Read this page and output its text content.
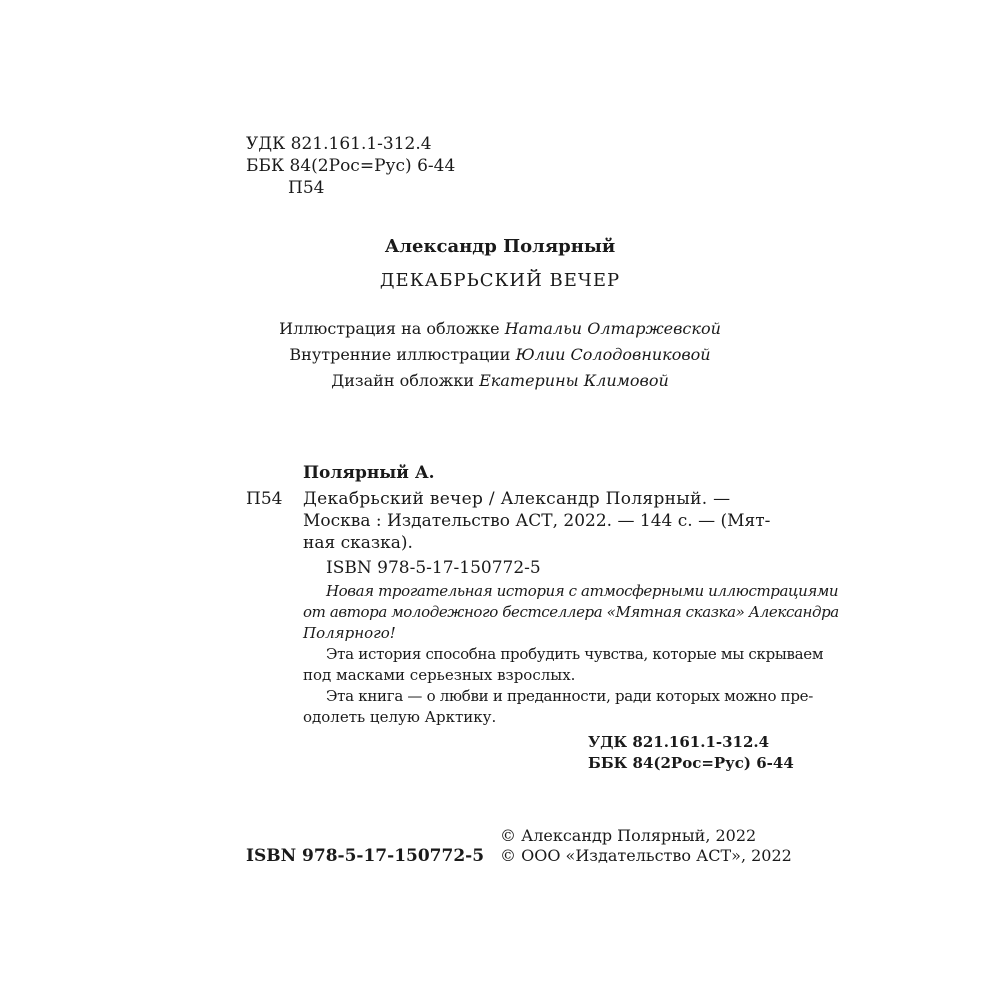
УДК 821.161.1-312.4
ББК 84(2Рос=Рус) 6-44
П54
Александр Полярный
ДЕКАБРЬСКИЙ ВЕЧЕР
Иллюстрация на обложке Натальи Олтаржевской
Внутренние иллюстрации Юлии Солодовниковой
Дизайн обложки Екатерины Климовой
Полярный А.
П54 Декабрьский вечер / Александр Полярный. —
Москва : Издательство АСТ, 2022. — 144 с. — (Мят-
ная сказка).
ISBN 978-5-17-150772-5
Новая трогательная история с атмосферными иллюстрациями
от автора молодежного бестселлера «Мятная сказка» Александра
Полярного!
Эта история способна пробудить чувства, которые мы скрываем
под масками серьезных взрослых.
Эта книга — о любви и преданности, ради которых можно пре-
одолеть целую Арктику.
УДК 821.161.1-312.4
ББК 84(2Рос=Рус) 6-44
ISBN 978-5-17-150772-5
© Александр Полярный, 2022
© ООО «Издательство АСТ», 2022
